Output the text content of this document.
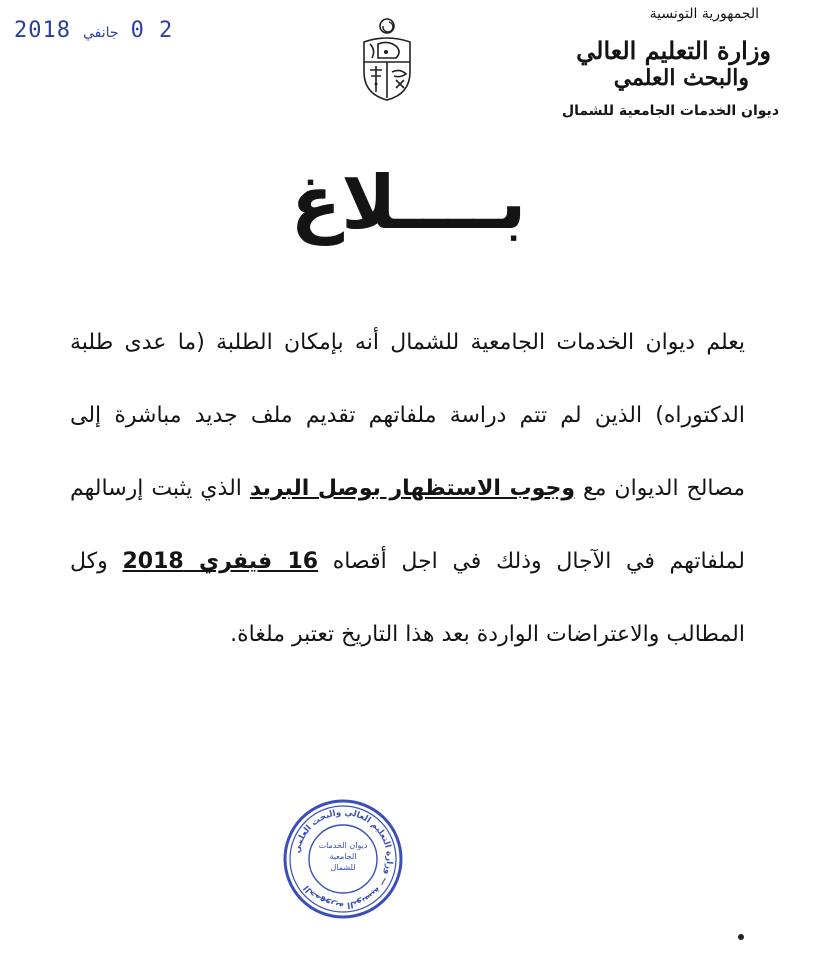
2018 جانفي 0 2
الجمهورية التونسية
وزارة التعليم العالي
والبحث العلمي
ديوان الخدمات الجامعية للشمال
بــــلاغ
يعلم ديوان الخدمات الجامعية للشمال أنه بإمكان الطلبة (ما عدى طلبة الدكتوراه) الذين لم تتم دراسة ملفاتهم تقديم ملف جديد مباشرة إلى مصالح الديوان مع وجوب الاستظهار بوصل البريد الذي يثبت إرسالهم لملفاتهم في الآجال وذلك في اجل أقصاه 16 فيفري 2018 وكل المطالب والاعتراضات الواردة بعد هذا التاريخ تعتبر ملغاة.
الجمهورية التونسية — وزارة التعليم العالي والبحث العلمي
ديوان الخدمات
الجامعية
للشمال
